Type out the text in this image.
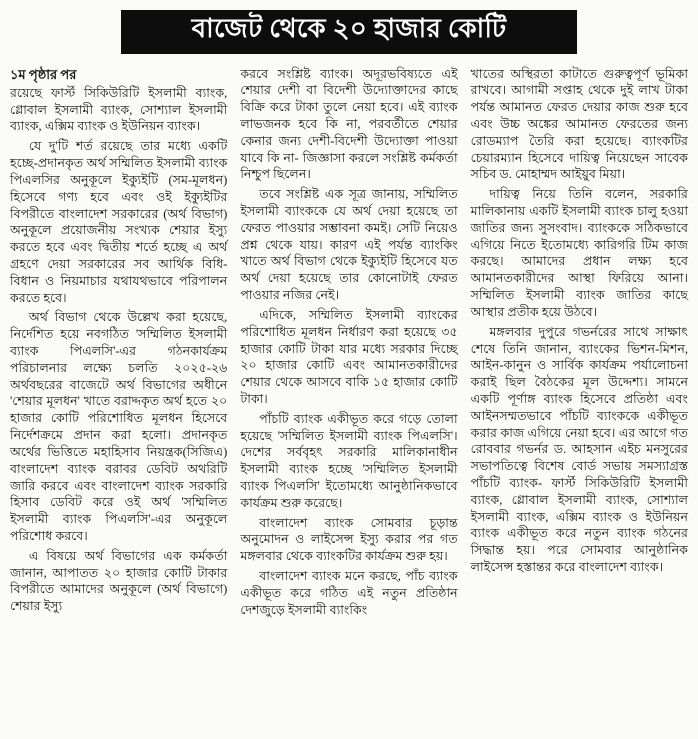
বাজেট থেকে ২০ হাজার কোটি
১ম পৃষ্ঠার পর

রয়েছে ফার্স্ট সিকিউরিটি ইসলামী ব্যাংক, গ্লোবাল ইসলামী ব্যাংক, সোশ্যাল ইসলামী ব্যাংক, এক্সিম ব্যাংক ও ইউনিয়ন ব্যাংক।

যে দু'টি শর্ত রয়েছে তার মধ্যে একটি হচ্ছে-প্রদানকৃত অর্থ সম্মিলিত ইসলামী ব্যাংক পিএলসির অনুকূলে ইক্যুইটি (সম-মূলধন) হিসেবে গণ্য হবে এবং ওই ইক্যুইটির বিপরীতে বাংলাদেশ সরকারের (অর্থ বিভাগ) অনুকূলে প্রয়োজনীয় সংখ্যক শেয়ার ইস্যু করতে হবে এবং দ্বিতীয় শর্তে হচ্ছে এ অর্থ গ্রহণে দেয়া সরকারের সব আর্থিক বিধি-বিধান ও নিয়মাচার যথাযথভাবে পরিপালন করতে হবে।

অর্থ বিভাগ থেকে উল্লেখ করা হয়েছে, নির্দেশিত হয়ে নবগঠিত 'সম্মিলিত ইসলামী ব্যাংক পিএলসি'-এর গঠনকার্যক্রম পরিচালনার লক্ষ্যে চলতি ২০২৫-২৬ অর্থবছরের বাজেটে অর্থ বিভাগের অধীনে 'শেয়ার মূলধন' খাতে বরাদ্দকৃত অর্থ হতে ২০ হাজার কোটি পরিশোধিত মূলধন হিসেবে নির্দেশক্রমে প্রদান করা হলো। প্রদানকৃত অর্থের ভিত্তিতে মহাহিসাব নিয়ন্ত্রক(সিজিএ) বাংলাদেশ ব্যাংক বরাবর ডেবিট অথরিটি জারি করবে এবং বাংলাদেশ ব্যাংক সরকারি হিসাব ডেবিট করে ওই অর্থ 'সম্মিলিত ইসলামী ব্যাংক পিএলসি'-এর অনুকূলে পরিশোধ করবে।

এ বিষয়ে অর্থ বিভাগের এক কর্মকর্তা জানান, আপাতত ২০ হাজার কোটি টাকার বিপরীতে আমাদের অনুকূলে (অর্থ বিভাগে) শেয়ার ইস্যু

করবে সংশ্লিষ্ট ব্যাংক। অদূরভবিষ্যতে এই শেয়ার দেশী বা বিদেশী উদ্যোক্তাদের কাছে বিক্রি করে টাকা তুলে নেয়া হবে। এই ব্যাংক লাভজনক হবে কি না, পরবর্তীতে শেয়ার কেনার জন্য দেশী-বিদেশী উদ্যোক্তা পাওয়া যাবে কি না- জিজ্ঞাসা করলে সংশ্লিষ্ট কর্মকর্তা নিশ্চুপ ছিলেন।

তবে সংশ্লিষ্ট এক সূত্র জানায়, সম্মিলিত ইসলামী ব্যাংককে যে অর্থ দেয়া হয়েছে তা ফেরত পাওয়ার সম্ভাবনা কমই। সেটি নিয়েও প্রশ্ন থেকে যায়। কারণ এই পর্যন্ত ব্যাংকিং খাতে অর্থ বিভাগ থেকে ইক্যুইটি হিসেবে যত অর্থ দেয়া হয়েছে তার কোনোটাই ফেরত পাওয়ার নজির নেই।

এদিকে, সম্মিলিত ইসলামী ব্যাংকের পরিশোধিত মূলধন নির্ধারণ করা হয়েছে ৩৫ হাজার কোটি টাকা যার মধ্যে সরকার দিচ্ছে ২০ হাজার কোটি এবং আমানতকারীদের শেয়ার থেকে আসবে বাকি ১৫ হাজার কোটি টাকা।

পাঁচটি ব্যাংক একীভূত করে গড়ে তোলা হয়েছে 'সম্মিলিত ইসলামী ব্যাংক পিএলসি'। দেশের সর্ববৃহৎ সরকারি মালিকানাধীন ইসলামী ব্যাংক হচ্ছে 'সম্মিলিত ইসলামী ব্যাংক পিএলসি' ইতোমধ্যে আনুষ্ঠানিকভাবে কার্যক্রম শুরু করেছে।

বাংলাদেশ ব্যাংক সোমবার চূড়ান্ত অনুমোদন ও লাইসেন্স ইস্যু করার পর গত মঙ্গলবার থেকে ব্যাংকটির কার্যক্রম শুরু হয়।

বাংলাদেশ ব্যাংক মনে করছে, পাঁচ ব্যাংক একীভূত করে গঠিত এই নতুন প্রতিষ্ঠান দেশজুড়ে ইসলামী ব্যাংকিং

খাতের অস্থিরতা কাটাতে গুরুত্বপূর্ণ ভূমিকা রাখবে। আগামী সপ্তাহ থেকে দুই লাখ টাকা পর্যন্ত আমানত ফেরত দেয়ার কাজ শুরু হবে এবং উচ্চ অঙ্কের আমানত ফেরতের জন্য রোডম্যাপ তৈরি করা হয়েছে। ব্যাংকটির চেয়ারম্যান হিসেবে দায়িত্ব নিয়েছেন সাবেক সচিব ড. মোহাম্মদ আইয়ুব মিয়া।

দায়িত্ব নিয়ে তিনি বলেন, সরকারি মালিকানায় একটি ইসলামী ব্যাংক চালু হওয়া জাতির জন্য সুসংবাদ। ব্যাংককে সঠিকভাবে এগিয়ে নিতে ইতোমধ্যে কারিগরি টিম কাজ করছে। আমাদের প্রধান লক্ষ্য হবে আমানতকারীদের আস্থা ফিরিয়ে আনা। সম্মিলিত ইসলামী ব্যাংক জাতির কাছে আস্থার প্রতীক হয়ে উঠবে।

মঙ্গলবার দুপুরে গভর্নরের সাথে সাক্ষাৎ শেষে তিনি জানান, ব্যাংকের ভিশন-মিশন, আইন-কানুন ও সার্বিক কার্যক্রম পর্যালোচনা করাই ছিল বৈঠকের মূল উদ্দেশ্য। সামনে একটি পূর্ণাঙ্গ ব্যাংক হিসেবে প্রতিষ্ঠা এবং আইনসম্মতভাবে পাঁচটি ব্যাংককে একীভূত করার কাজ এগিয়ে নেয়া হবে। এর আগে গত রোববার গভর্নর ড. আহসান এইচ মনসুরের সভাপতিত্বে বিশেষ বোর্ড সভায় সমস্যাগ্রস্ত পাঁচটি ব্যাংক- ফার্স্ট সিকিউরিটি ইসলামী ব্যাংক, গ্লোবাল ইসলামী ব্যাংক, সোশ্যাল ইসলামী ব্যাংক, এক্সিম ব্যাংক ও ইউনিয়ন ব্যাংক একীভূত করে নতুন ব্যাংক গঠনের সিদ্ধান্ত হয়। পরে সোমবার আনুষ্ঠানিক লাইসেন্স হস্তান্তর করে বাংলাদেশ ব্যাংক।
